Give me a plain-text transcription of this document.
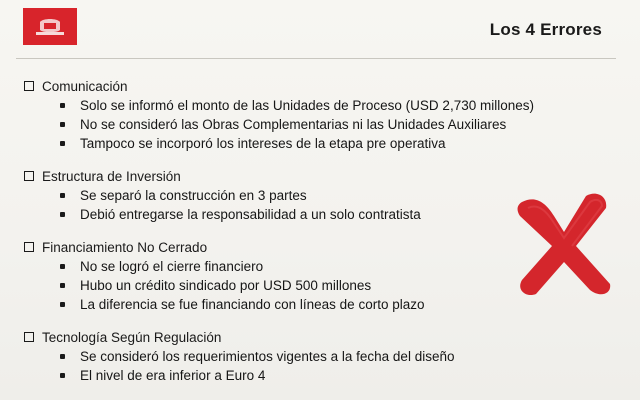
Los 4 Errores
Comunicación
Solo se informó el monto de las Unidades de Proceso (USD 2,730 millones)
No se consideró las Obras Complementarias ni las Unidades Auxiliares
Tampoco se incorporó los intereses de la etapa pre operativa
Estructura de Inversión
Se separó la construcción en 3 partes
Debió entregarse la responsabilidad a un solo contratista
Financiamiento No Cerrado
No se logró el cierre financiero
Hubo un crédito sindicado por USD 500 millones
La diferencia se fue financiando con líneas de corto plazo
Tecnología Según Regulación
Se consideró los requerimientos vigentes a la fecha del diseño
El nivel de era inferior a Euro 4
